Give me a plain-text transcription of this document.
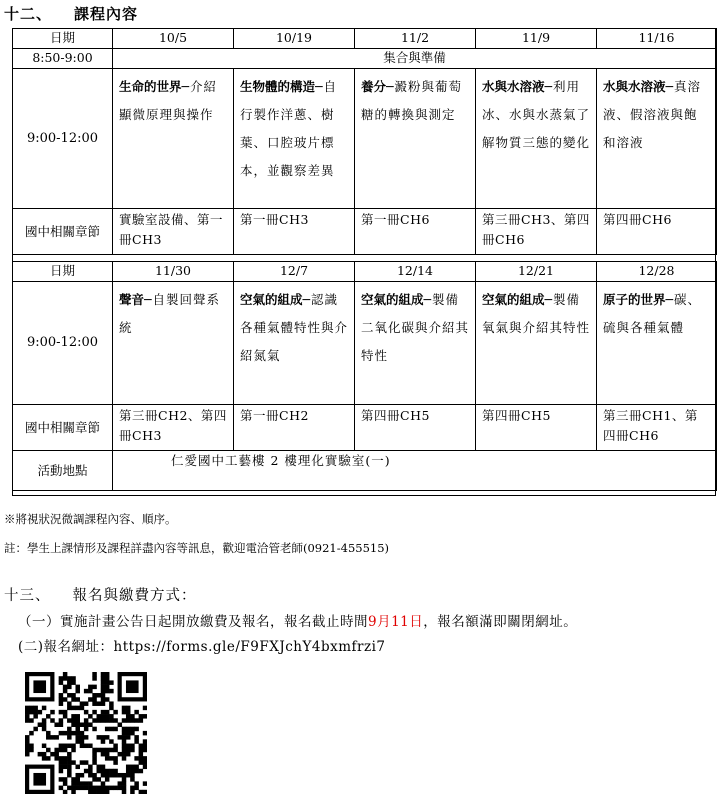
十二、 課程內容
日期	10/5	10/19	11/2	11/9	11/16
8:50-9:00	集合與準備				
9:00-12:00	生命的世界─介紹顯微原理與操作	生物體的構造─自行製作洋蔥、樹葉、口腔玻片標本，並觀察差異	養分─澱粉與葡萄糖的轉換與測定	水與水溶液─利用冰、水與水蒸氣了解物質三態的變化	水與水溶液─真溶液、假溶液與飽和溶液
國中相關章節	實驗室設備、第一冊CH3	第一冊CH3	第一冊CH6	第三冊CH3、第四冊CH6	第四冊CH6
日期	11/30	12/7	12/14	12/21	12/28
9:00-12:00	聲音─自製回聲系統	空氣的組成─認識各種氣體特性與介紹氮氣	空氣的組成─製備二氧化碳與介紹其特性	空氣的組成─製備氧氣與介紹其特性	原子的世界─碳、硫與各種氣體
國中相關章節	第三冊CH2、第四冊CH3	第一冊CH2	第四冊CH5	第四冊CH5	第三冊CH1、第四冊CH6
活動地點	仁愛國中工藝樓 2 樓理化實驗室(一)				
※將視狀況微調課程內容、順序。
註：學生上課情形及課程詳盡內容等訊息，歡迎電洽管老師(0921-455515)
十三、 報名與繳費方式：
（一）實施計畫公告日起開放繳費及報名，報名截止時間9月11日，報名額滿即關閉網址。
(二)報名網址：https://forms.gle/F9FXJchY4bxmfrzi7
